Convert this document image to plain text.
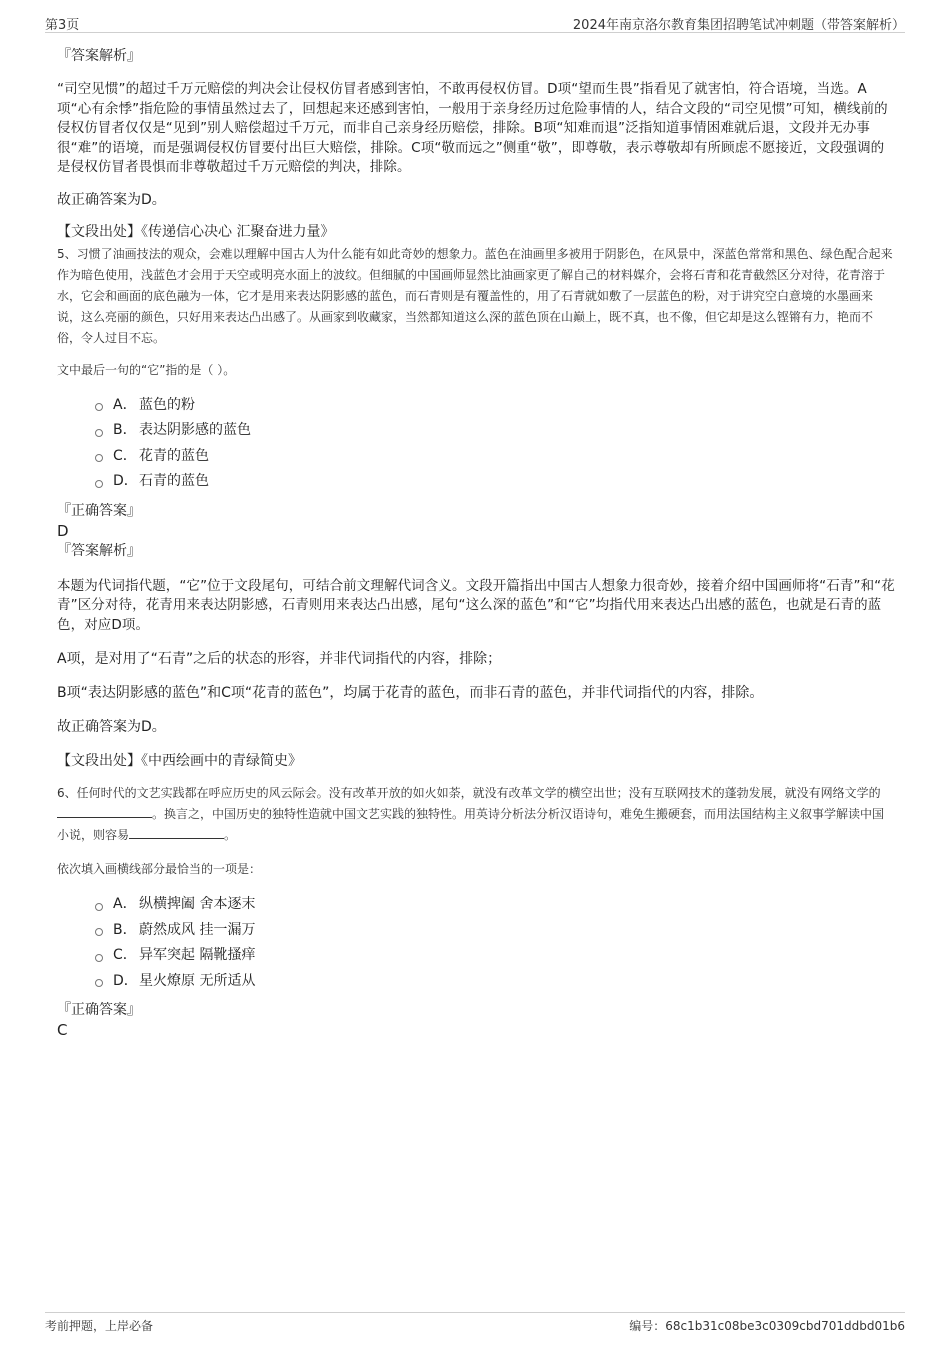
第3页	2024年南京洛尔教育集团招聘笔试冲刺题（带答案解析）

『答案解析』

“司空见惯”的超过千万元赔偿的判决会让侵权仿冒者感到害怕，不敢再侵权仿冒。D项“望而生畏”指看见了就害怕，符合语境，当选。A项“心有余悸”指危险的事情虽然过去了，回想起来还感到害怕，一般用于亲身经历过危险事情的人，结合文段的“司空见惯”可知，横线前的侵权仿冒者仅仅是“见到”别人赔偿超过千万元，而非自己亲身经历赔偿，排除。B项“知难而退”泛指知道事情困难就后退，文段并无办事很“难”的语境，而是强调侵权仿冒要付出巨大赔偿，排除。C项“敬而远之”侧重“敬”，即尊敬，表示尊敬却有所顾虑不愿接近，文段强调的是侵权仿冒者畏惧而非尊敬超过千万元赔偿的判决，排除。

故正确答案为D。

【文段出处】《传递信心决心 汇聚奋进力量》

5、习惯了油画技法的观众，会难以理解中国古人为什么能有如此奇妙的想象力。蓝色在油画里多被用于阴影色，在风景中，深蓝色常常和黑色、绿色配合起来作为暗色使用，浅蓝色才会用于天空或明亮水面上的波纹。但细腻的中国画师显然比油画家更了解自己的材料媒介，会将石青和花青截然区分对待，花青溶于水，它会和画面的底色融为一体，它才是用来表达阴影感的蓝色，而石青则是有覆盖性的，用了石青就如敷了一层蓝色的粉，对于讲究空白意境的水墨画来说，这么亮丽的颜色，只好用来表达凸出感了。从画家到收藏家，当然都知道这么深的蓝色顶在山巅上，既不真，也不像，但它却是这么铿锵有力，艳而不俗，令人过目不忘。

文中最后一句的“它”指的是（ ）。

A． 蓝色的粉
B． 表达阴影感的蓝色
C． 花青的蓝色
D． 石青的蓝色

『正确答案』

D

『答案解析』

本题为代词指代题，“它”位于文段尾句，可结合前文理解代词含义。文段开篇指出中国古人想象力很奇妙，接着介绍中国画师将“石青”和“花青”区分对待，花青用来表达阴影感，石青则用来表达凸出感，尾句“这么深的蓝色”和“它”均指代用来表达凸出感的蓝色，也就是石青的蓝色，对应D项。

A项，是对用了“石青”之后的状态的形容，并非代词指代的内容，排除；

B项“表达阴影感的蓝色”和C项“花青的蓝色”，均属于花青的蓝色，而非石青的蓝色，并非代词指代的内容，排除。

故正确答案为D。

【文段出处】《中西绘画中的青绿简史》

6、任何时代的文艺实践都在呼应历史的风云际会。没有改革开放的如火如荼，就没有改革文学的横空出世；没有互联网技术的蓬勃发展，就没有网络文学的。换言之，中国历史的独特性造就中国文艺实践的独特性。用英诗分析法分析汉语诗句，难免生搬硬套，而用法国结构主义叙事学解读中国小说，则容易	。

依次填入画横线部分最恰当的一项是：

A． 纵横捭阖 舍本逐末
B． 蔚然成风 挂一漏万
C． 异军突起 隔靴搔痒
D． 星火燎原 无所适从

『正确答案』

C

考前押题，上岸必备	编号：68c1b31c08be3c0309cbd701ddbd01b6
